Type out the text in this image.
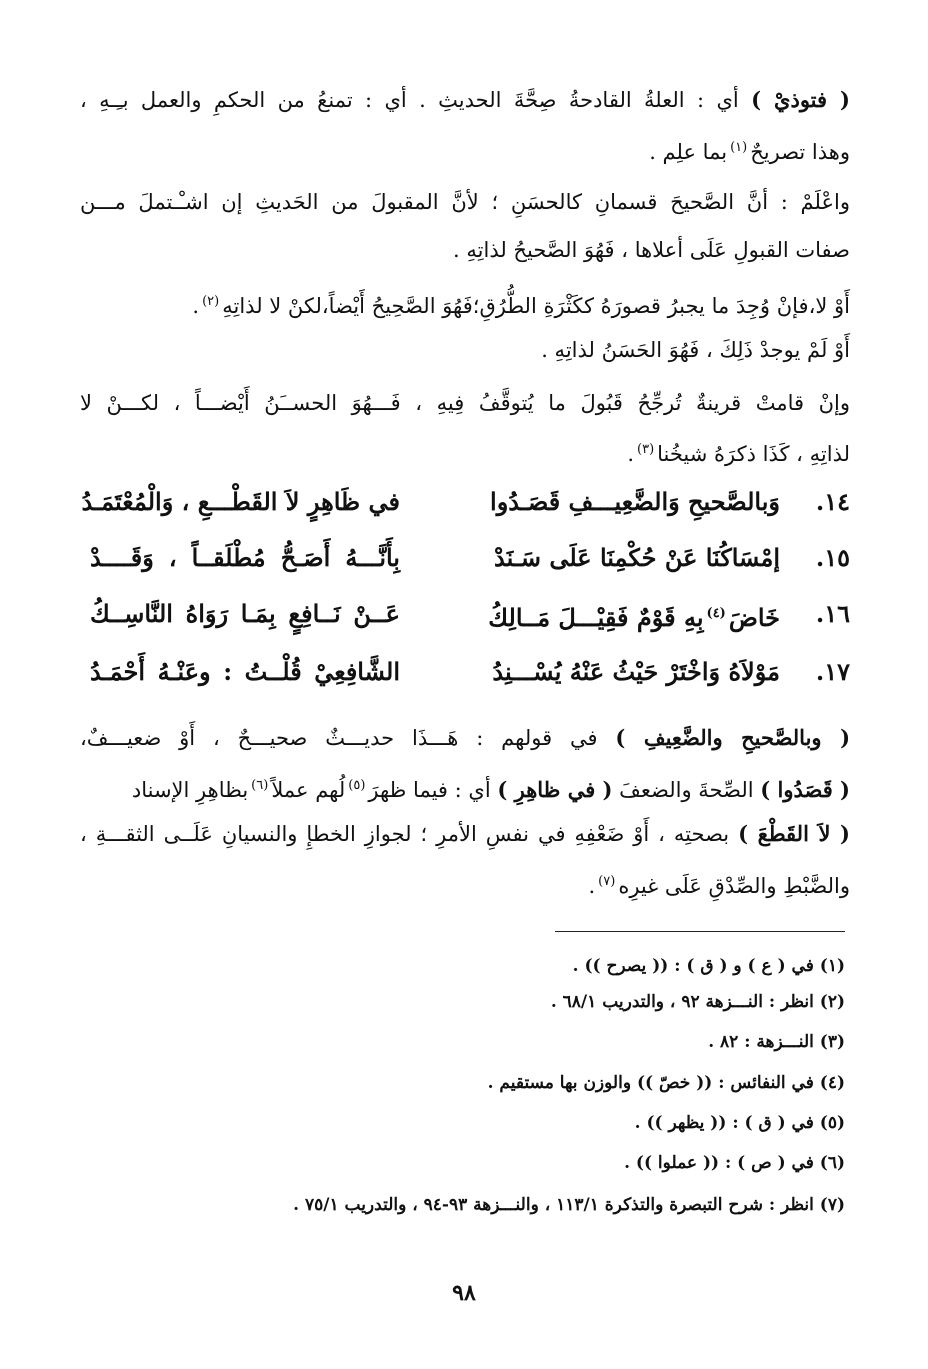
( فتوذيْ ) أي : العلةُ القادحةُ صِحَّةَ الحديثِ . أي : تمنعُ من الحكمِ والعمل بـِـهِ ،
وهذا تصريحٌ$^{(١)}$بما علِم .
واعْلَمْ : أنَّ الصَّحيحَ قسمانِ كالحسَنِ ؛ لأنَّ المقبولَ من الحَديثِ إن اشـْـتملَ مـــن
صفات القبولِ عَلَى أعلاها ، فَهُوَ الصَّحيحُ لذاتِهِ .
أَوْ لا،فإنْ وُجِدَ ما يجبرُ قصورَهُ ككَثْرَةِ الطُّرُقِ؛فَهُوَ الصَّحِيحُ أَيْضاً،لكنْ لا لذاتِهِ$^{(٢)}$.
أَوْ لَمْ يوجدْ ذَلِكَ ، فَهُوَ الحَسَنُ لذاتِهِ .
وإنْ قامتْ قرينةٌ تُرجِّحُ قَبُولَ ما يُتوقَّفُ فِيهِ ، فَـــهُوَ الحســَنُ أَيْضـــاً ، لكـــنْ لا
لذاتِهِ ، كَذَا ذكرَهُ شيخُنا$^{(٣)}$.
١٤.
وَبالصَّحيحِ وَالضَّعِيـــفِ قَصَـدُوا
في ظَاهِرٍ لاَ القَطْـــعِ ، وَالْمُعْتَمَـدُ
١٥.
إمْسَاكُنَا عَنْ حُكْمِنَا عَلَى سَـنَدْ
بِأَنَّـــهُ أَصَـحُّ مُطْلَقــاً ، وَقَــــدْ
١٦.
خَاضَ$^{(٤)}$بِهِ قَوْمٌ فَقِيْـــلَ مَــالِكُ
عَــنْ نَــافِعٍ بِمَـا رَوَاهُ النَّاسِــكُ
١٧.
مَوْلاَهُ وَاخْتَرْ حَيْثُ عَنْهُ يُسْـــنِدُ
الشَّافِعِيْ قُلْــتُ : وعَنْـهُ أَحْمَـدُ
( وبالصَّحيحِ والضَّعِيفِ ) في قولهم : هَـــذَا حديـــثٌ صحيـــحٌ ، أَوْ ضعيـــفٌ،
( قَصَدُوا ) الصِّحةَ والضعفَ ( في ظاهِرِ ) أي : فيما ظهرَ$^{(٥)}$لُهم عملاً$^{(٦)}$بظاهِرِ الإسناد
( لاَ القَطْعَ ) بصحتِه ، أَوْ ضَعْفِهِ في نفسِ الأمرِ ؛ لجوازِ الخطإِ والنسيانِ عَلَــى الثقـــةِ ،
والضَّبْطِ والصِّدْقِ عَلَى غيرِه$^{(٧)}$.
(١) في ( ع ) و ( ق ) : (( يصرح )) .
(٢) انظر : النـــزهة ٩٢ ، والتدريب ٦٨/١ .
(٣) النـــزهة : ٨٢ .
(٤) في النفائس : (( خصّ )) والوزن بها مستقيم .
(٥) في ( ق ) : (( يظهر )) .
(٦) في ( ص ) : (( عملوا )) .
(٧) انظر : شرح التبصرة والتذكرة ١١٣/١ ، والنـــزهة ٩٣-٩٤ ، والتدريب ٧٥/١ .
٩٨
